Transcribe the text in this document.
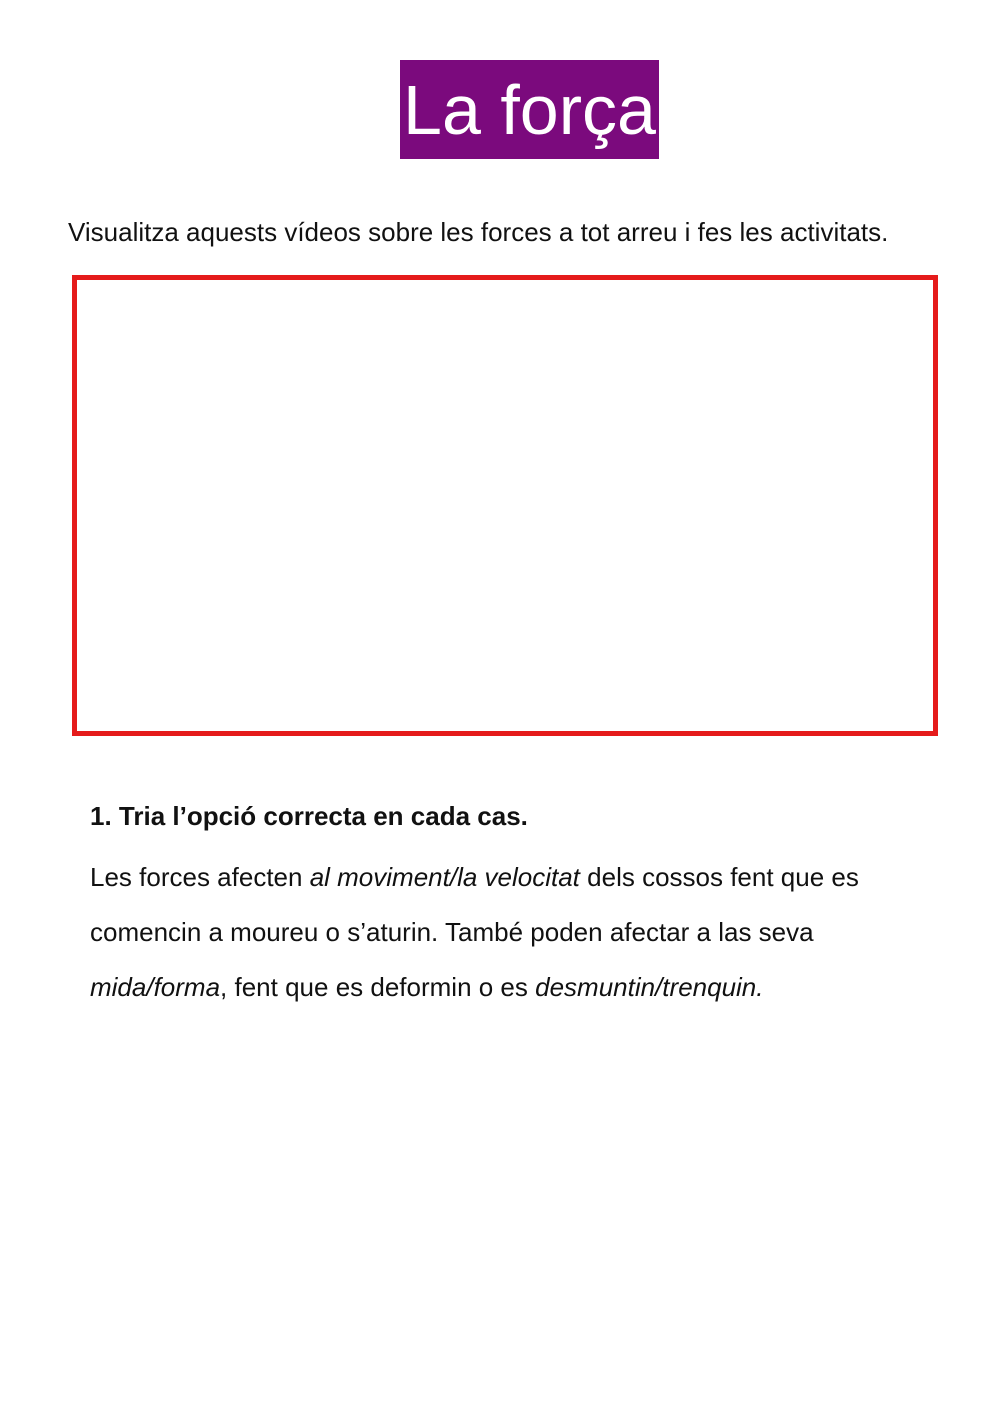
La força
Visualitza aquests vídeos sobre les forces a tot arreu i fes les activitats.

1. Tria l’opció correcta en cada cas.

Les forces afecten al moviment/la velocitat dels cossos fent que es comencin a moureu o s’aturin. També poden afectar a las seva mida/forma, fent que es deformin o es desmuntin/trenquin.
